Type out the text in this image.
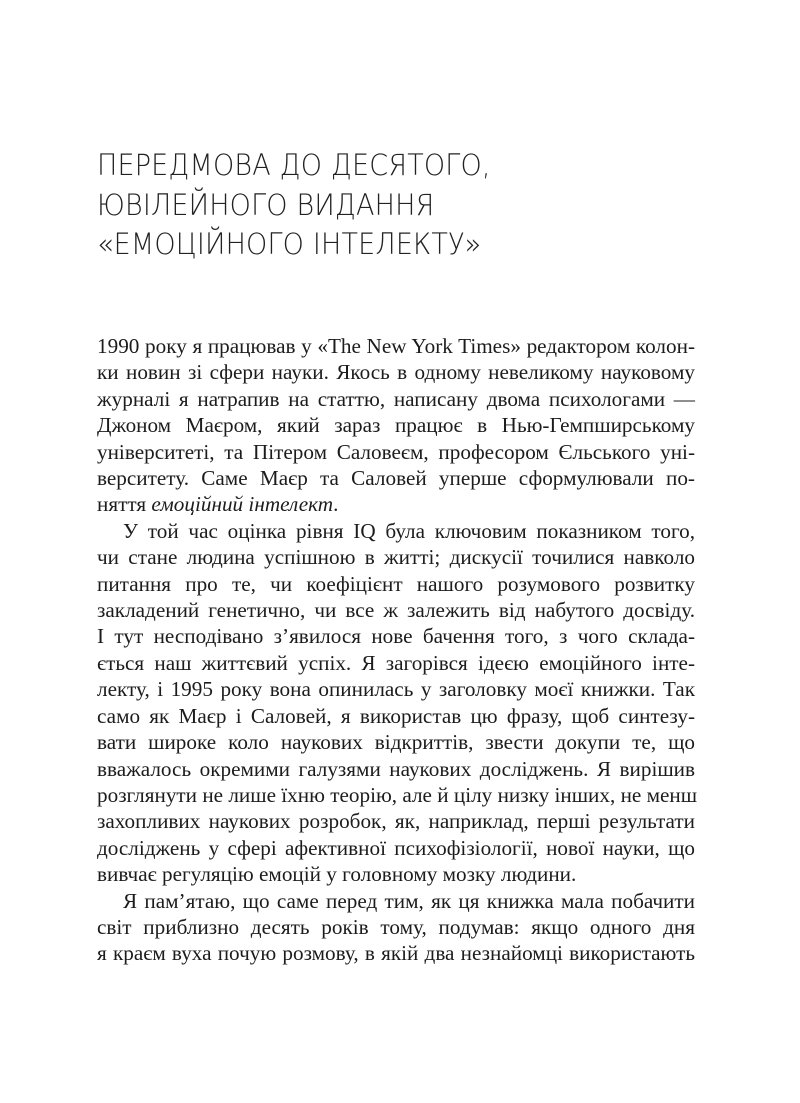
ПЕРЕДМОВА ДО ДЕСЯТОГО,
ЮВІЛЕЙНОГО ВИДАННЯ
«ЕМОЦІЙНОГО ІНТЕЛЕКТУ»

1990 року я працював у «The New York Times» редактором колон-
ки новин зі сфери науки. Якось в одному невеликому науковому
журналі я натрапив на статтю, написану двома психологами —
Джоном Маєром, який зараз працює в Нью-Гемпширському
університеті, та Пітером Саловеєм, професором Єльського уні-
верситету. Саме Маєр та Саловей уперше сформулювали по-
няття емоційний інтелект.

У той час оцінка рівня IQ була ключовим показником того,
чи стане людина успішною в житті; дискусії точилися навколо
питання про те, чи коефіцієнт нашого розумового розвитку
закладений генетично, чи все ж залежить від набутого досвіду.
І тут несподівано з’явилося нове бачення того, з чого склада-
ється наш життєвий успіх. Я загорівся ідеєю емоційного інте-
лекту, і 1995 року вона опинилась у заголовку моєї книжки. Так
само як Маєр і Саловей, я використав цю фразу, щоб синтезу-
вати широке коло наукових відкриттів, звести докупи те, що
вважалось окремими галузями наукових досліджень. Я вирішив
розглянути не лише їхню теорію, але й цілу низку інших, не менш
захопливих наукових розробок, як, наприклад, перші результати
досліджень у сфері афективної психофізіології, нової науки, що
вивчає регуляцію емоцій у головному мозку людини.

Я пам’ятаю, що саме перед тим, як ця книжка мала побачити
світ приблизно десять років тому, подумав: якщо одного дня
я краєм вуха почую розмову, в якій два незнайомці використають
